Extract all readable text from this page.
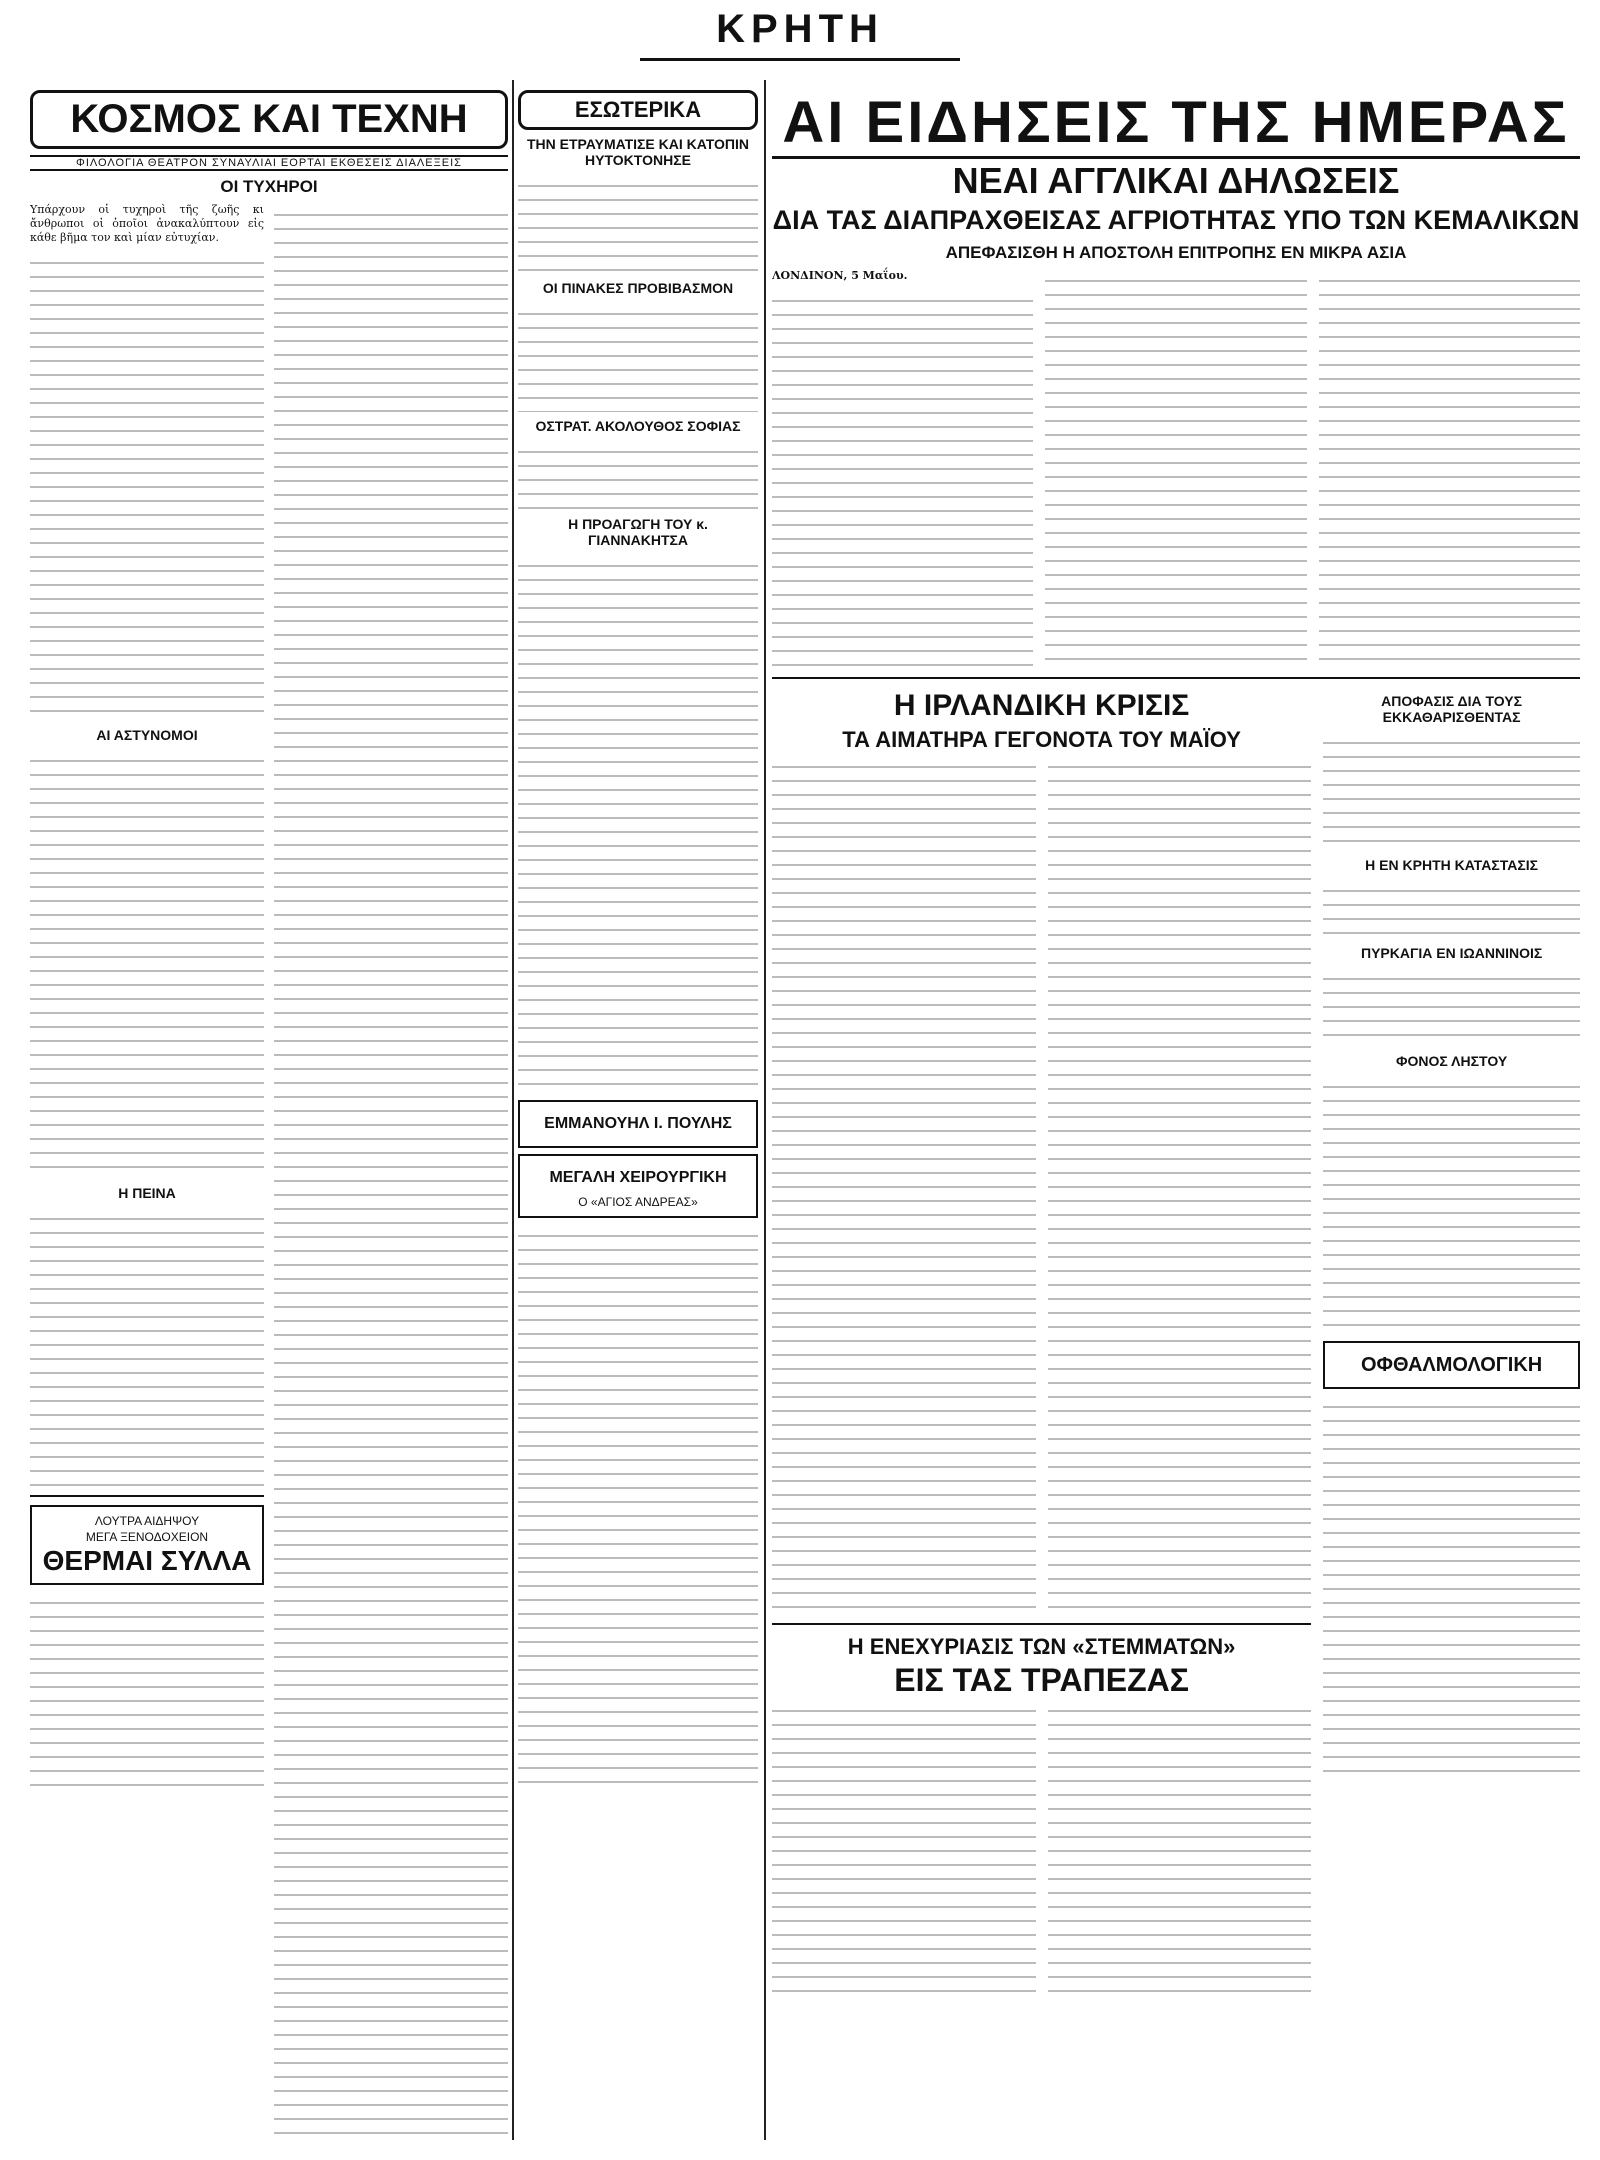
ΚΡΗΤΗ
ΚΟΣΜΟΣ ΚΑΙ ΤΕΧΝΗ
ΦΙΛΟΛΟΓΙΑ ΘΕΑΤΡΟΝ ΣΥΝΑΥΛΙΑΙ ΕΟΡΤΑΙ ΕΚΘΕΣΕΙΣ ΔΙΑΛΕΞΕΙΣ
ΟΙ ΤΥΧΗΡΟΙ

Υπάρχουν οἱ τυχηροὶ τῆς ζωῆς κι ἄνθρωποι οἱ ὁποῖοι ἀνακαλύπτουν εἰς κάθε βῆμα τον καὶ μίαν εὐτυχίαν.

ΑΙ ΑΣΤΥΝΟΜΟΙ
Η ΠΕΙΝΑ
ΛΟΥΤΡΑ ΑΙΔΗΨΟΥ
ΜΕΓΑ ΞΕΝΟΔΟΧΕΙΟΝ
ΘΕΡΜΑΙ ΣΥΛΛΑ
ΕΣΩΤΕΡΙΚΑ
ΤΗΝ ΕΤΡΑΥΜΑΤΙΣΕ ΚΑΙ ΚΑΤΟΠΙΝ ΗΥΤΟΚΤΟΝΗΣΕ
ΟΙ ΠΙΝΑΚΕΣ ΠΡΟΒΙΒΑΣΜΟΝ
ΟΣΤΡΑΤ. ΑΚΟΛΟΥΘΟΣ ΣΟΦΙΑΣ
Η ΠΡΟΑΓΩΓΗ ΤΟΥ κ. ΓΙΑΝΝΑΚΗΤΣΑ
ΕΜΜΑΝΟΥΗΛ Ι. ΠΟΥΛΗΣ
ΜΕΓΑΛΗ ΧΕΙΡΟΥΡΓΙΚΗ
Ο «ΑΓΙΟΣ ΑΝΔΡΕΑΣ»
ΑΙ ΕΙΔΗΣΕΙΣ ΤΗΣ ΗΜΕΡΑΣ
ΝΕΑΙ ΑΓΓΛΙΚΑΙ ΔΗΛΩΣΕΙΣ
ΔΙΑ ΤΑΣ ΔΙΑΠΡΑΧΘΕΙΣΑΣ ΑΓΡΙΟΤΗΤΑΣ ΥΠΟ ΤΩΝ ΚΕΜΑΛΙΚΩΝ
ΑΠΕΦΑΣΙΣΘΗ Η ΑΠΟΣΤΟΛΗ ΕΠΙΤΡΟΠΗΣ ΕΝ ΜΙΚΡΑ ΑΣΙΑ

ΛΟΝΔΙΝΟΝ, 5 Μαΐου.

Η ΙΡΛΑΝΔΙΚΗ ΚΡΙΣΙΣ
ΤΑ ΑΙΜΑΤΗΡΑ ΓΕΓΟΝΟΤΑ ΤΟΥ ΜΑΪΟΥ
Η ΕΝΕΧΥΡΙΑΣΙΣ ΤΩΝ «ΣΤΕΜΜΑΤΩΝ»
ΕΙΣ ΤΑΣ ΤΡΑΠΕΖΑΣ
ΑΠΟΦΑΣΙΣ ΔΙΑ ΤΟΥΣ ΕΚΚΑΘΑΡΙΣΘΕΝΤΑΣ
Η ΕΝ ΚΡΗΤΗ ΚΑΤΑΣΤΑΣΙΣ
ΠΥΡΚΑΓΙΑ ΕΝ ΙΩΑΝΝΙΝΟΙΣ
ΦΟΝΟΣ ΛΗΣΤΟΥ
ΟΦΘΑΛΜΟΛΟΓΙΚΗ
